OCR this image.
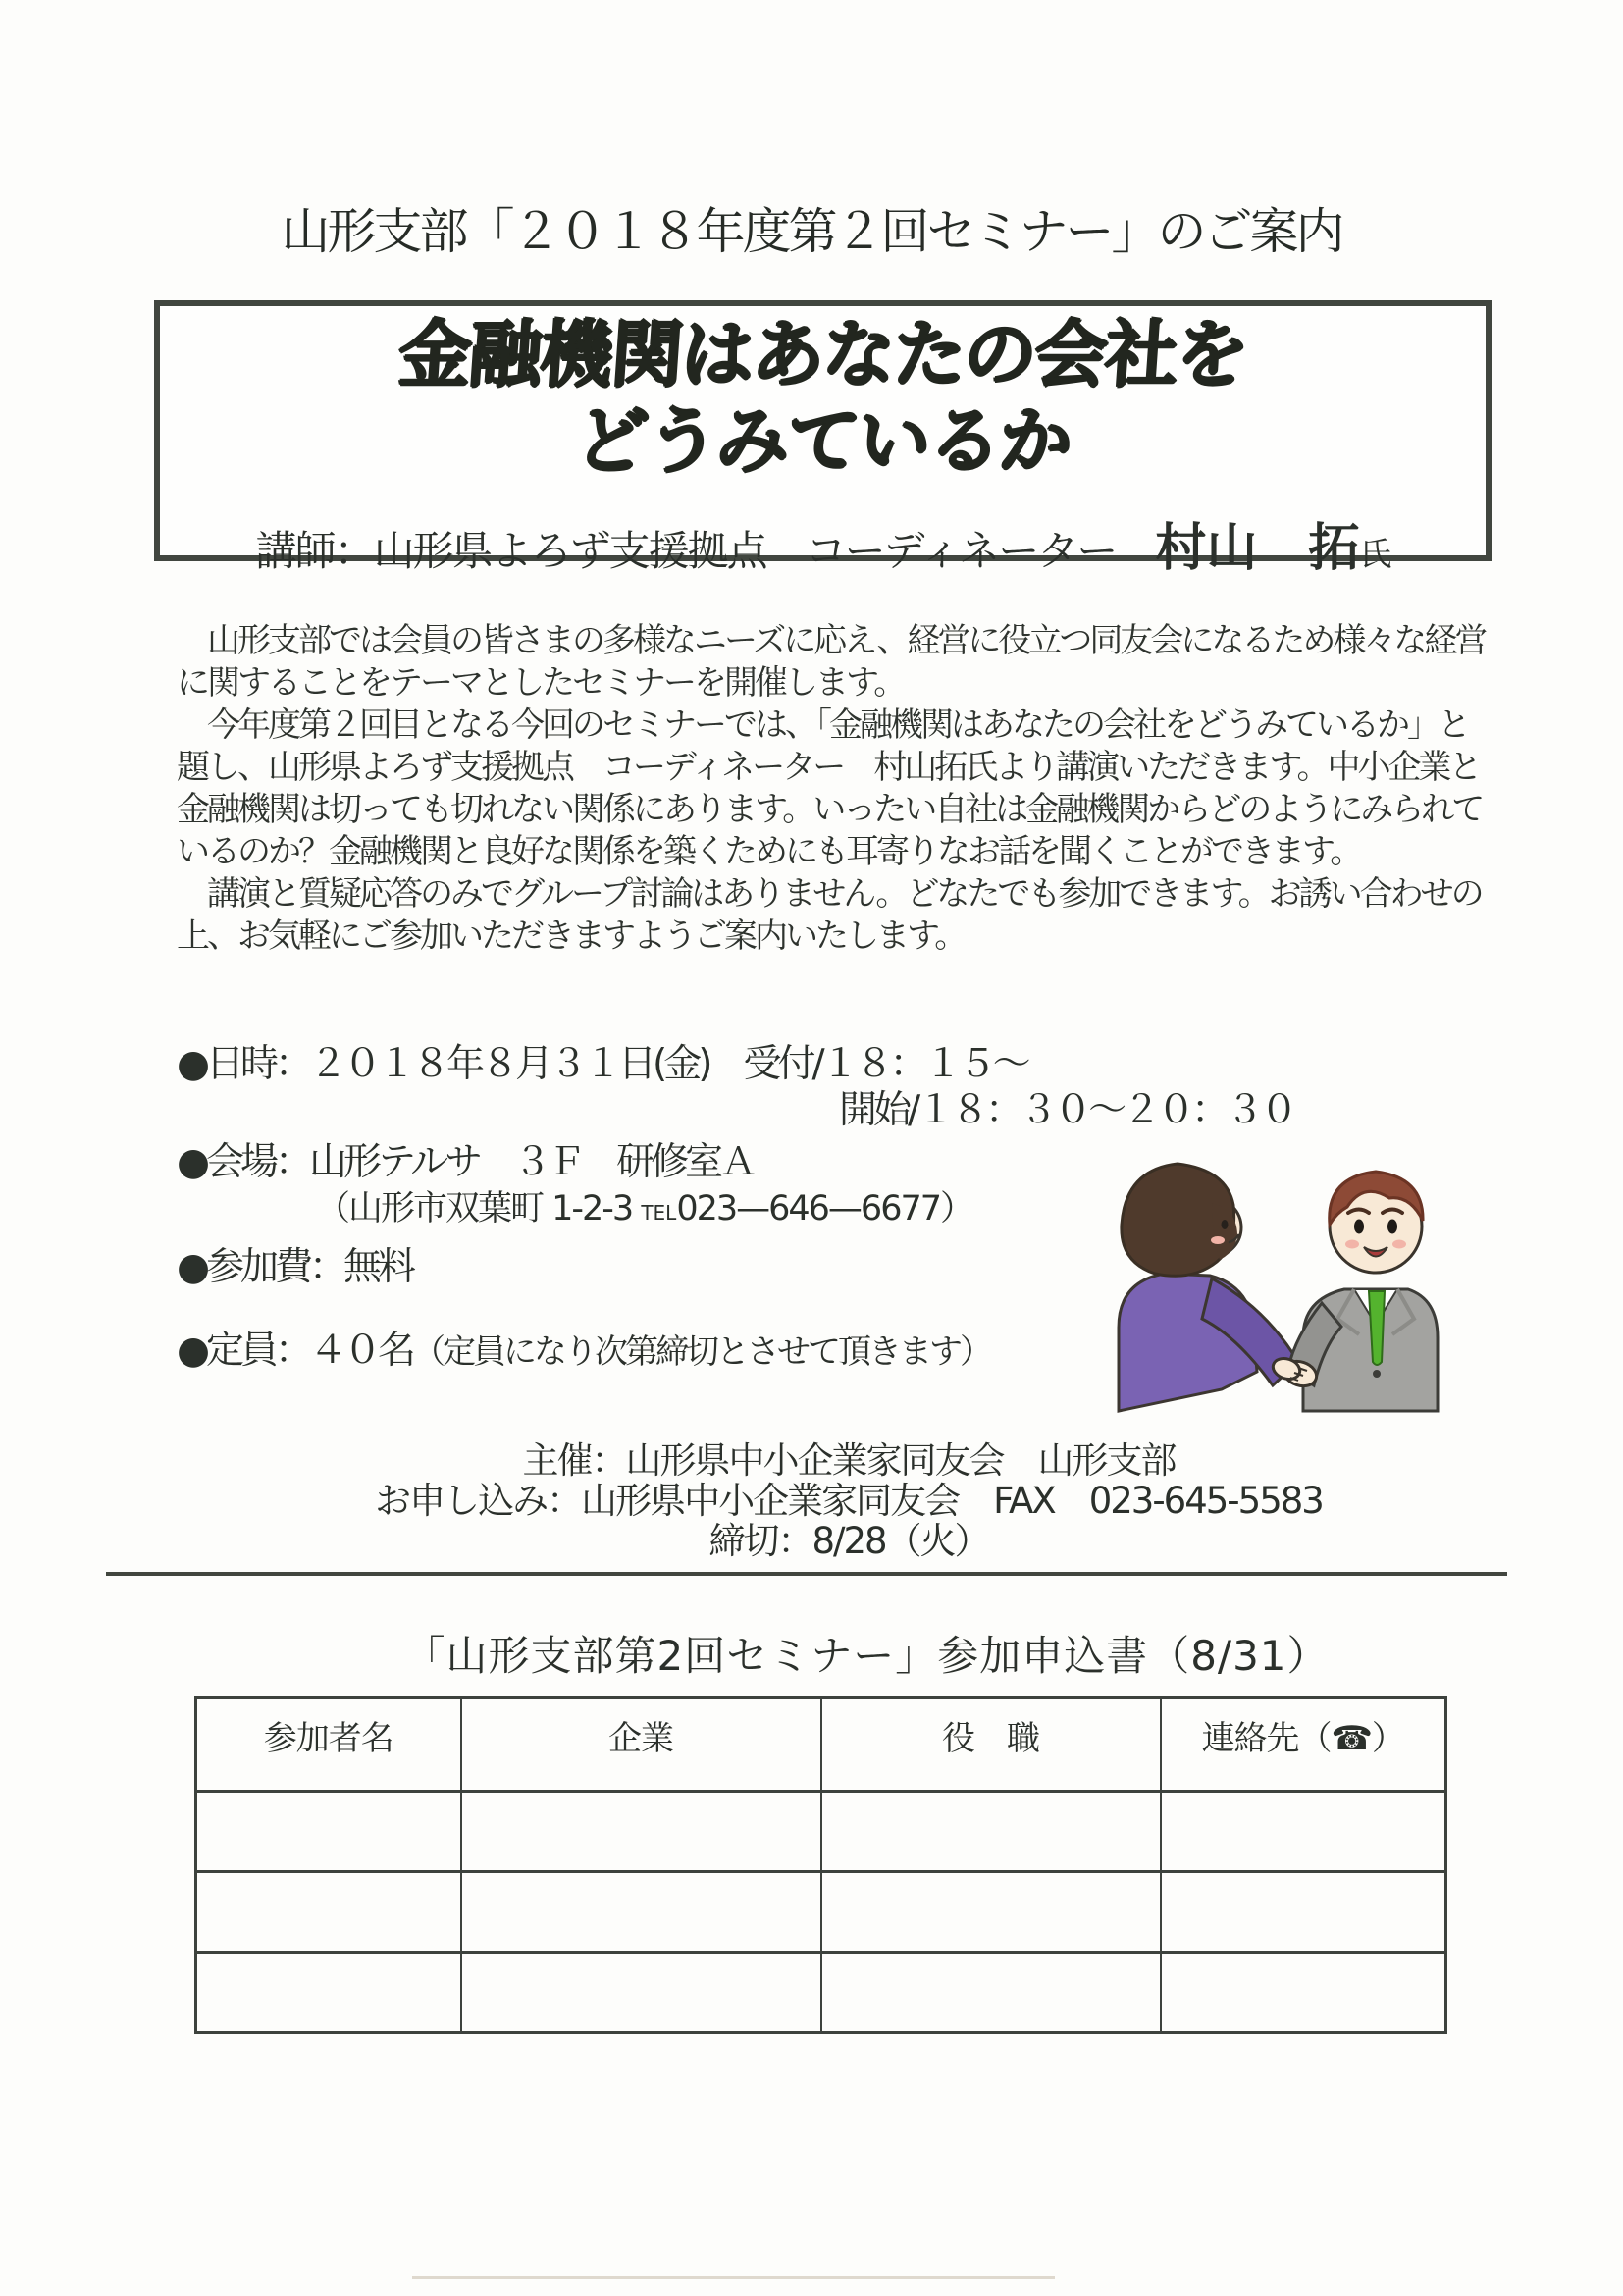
山形支部「２０１８年度第２回セミナー」のご案内
金融機関はあなたの会社を
どうみているか
講師：山形県よろず支援拠点　コーディネーター　村山　拓氏
　山形支部では会員の皆さまの多様なニーズに応え、経営に役立つ同友会になるため様々な経営
に関することをテーマとしたセミナーを開催します。
　今年度第２回目となる今回のセミナーでは、「金融機関はあなたの会社をどうみているか」と
題し、山形県よろず支援拠点　コーディネーター　村山拓氏より講演いただきます。中小企業と
金融機関は切っても切れない関係にあります。いったい自社は金融機関からどのようにみられて
いるのか？金融機関と良好な関係を築くためにも耳寄りなお話を聞くことができます。
　講演と質疑応答のみでグループ討論はありません。どなたでも参加できます。お誘い合わせの
上、お気軽にご参加いただきますようご案内いたします。
●日時：２０１８年８月３１日(金)　受付/１８：１５～
開始/１８：３０～２０：３０
●会場：山形テルサ　３Ｆ　研修室Ａ
（山形市双葉町 1-2-3 TEL023—646—6677）
●参加費：無料
●定員：４０名（定員になり次第締切とさせて頂きます）
主催：山形県中小企業家同友会　山形支部
お申し込み：山形県中小企業家同友会　FAX　023-645-5583
締切：8/28（火）
「山形支部第2回セミナー」参加申込書（8/31）
参加者名	企業	役　職	連絡先（☎）
